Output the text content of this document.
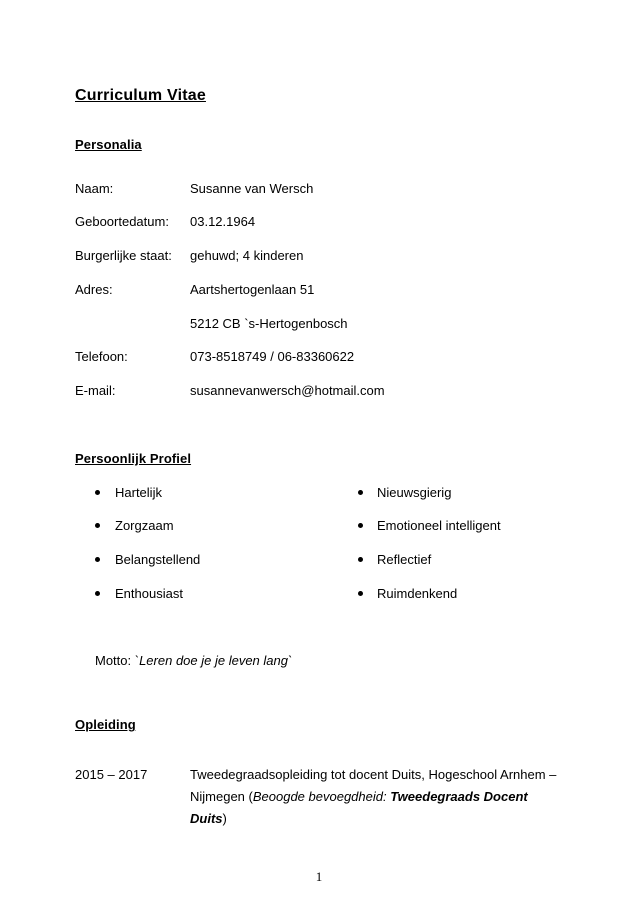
Curriculum Vitae
Personalia
Naam:	Susanne van Wersch
Geboortedatum: 03.12.1964
Burgerlijke staat: gehuwd; 4 kinderen
Adres:	Aartshertogenlaan 51
5212 CB `s-Hertogenbosch
Telefoon:	073-8518749 / 06-83360622
E-mail:	susannevanwersch@hotmail.com
Persoonlijk Profiel
Hartelijk
Zorgzaam
Belangstellend
Enthousiast
Nieuwsgierig
Emotioneel intelligent
Reflectief
Ruimdenkend
Motto: `Leren doe je je leven lang`
Opleiding
2015 – 2017	Tweedegraadsopleiding tot docent Duits, Hogeschool Arnhem –
Nijmegen (Beoogde bevoegdheid: Tweedegraads Docent
Duits)
1
